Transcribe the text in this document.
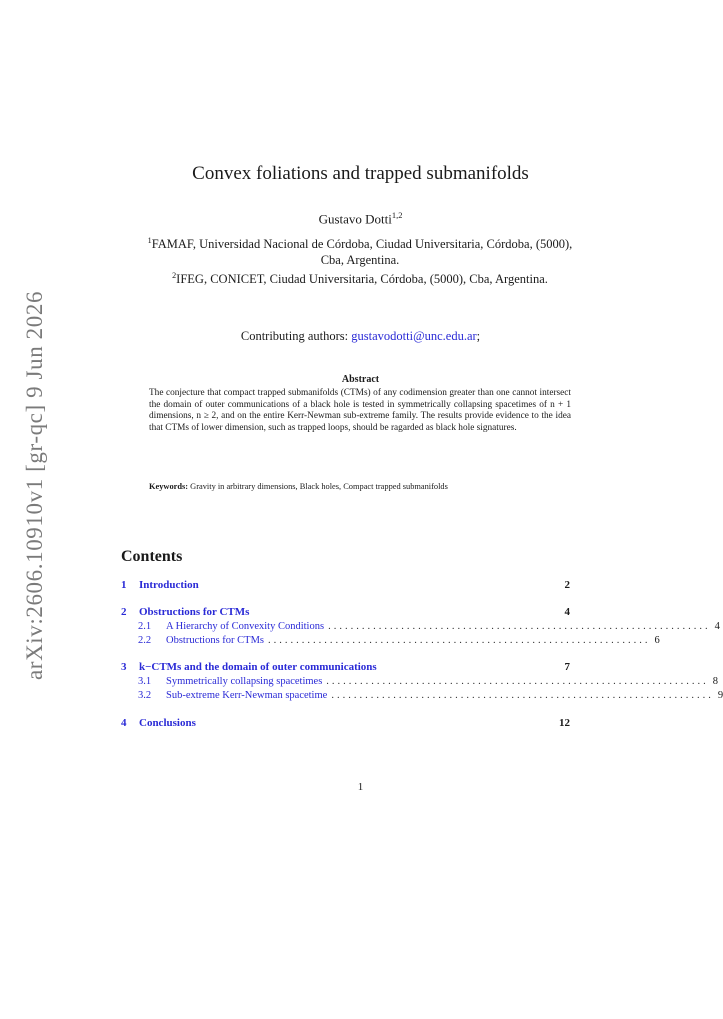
arXiv:2606.10910v1 [gr-qc] 9 Jun 2026
Convex foliations and trapped submanifolds
Gustavo Dotti$^{1,2}$
$^1$FAMAF, Universidad Nacional de Córdoba, Ciudad Universitaria, Córdoba, (5000), Cba, Argentina.
$^2$IFEG, CONICET, Ciudad Universitaria, Córdoba, (5000), Cba, Argentina.
Contributing authors: gustavodotti@unc.edu.ar;
Abstract
The conjecture that compact trapped submanifolds (CTMs) of any codimension greater than one cannot intersect the domain of outer communications of a black hole is tested in symmetrically collapsing spacetimes of n + 1 dimensions, n ≥ 2, and on the entire Kerr-Newman sub-extreme family. The results provide evidence to the idea that CTMs of lower dimension, such as trapped loops, should be ragarded as black hole signatures.
Keywords: Gravity in arbitrary dimensions, Black holes, Compact trapped submanifolds
Contents
1 Introduction	2
2 Obstructions for CTMs	4
2.1 A Hierarchy of Convexity Conditions .................................................................... 4
2.2 Obstructions for CTMs .................................................................... 6
3 k−CTMs and the domain of outer communications	7
3.1 Symmetrically collapsing spacetimes .................................................................... 8
3.2 Sub-extreme Kerr-Newman spacetime .................................................................... 9
4 Conclusions	12
1
